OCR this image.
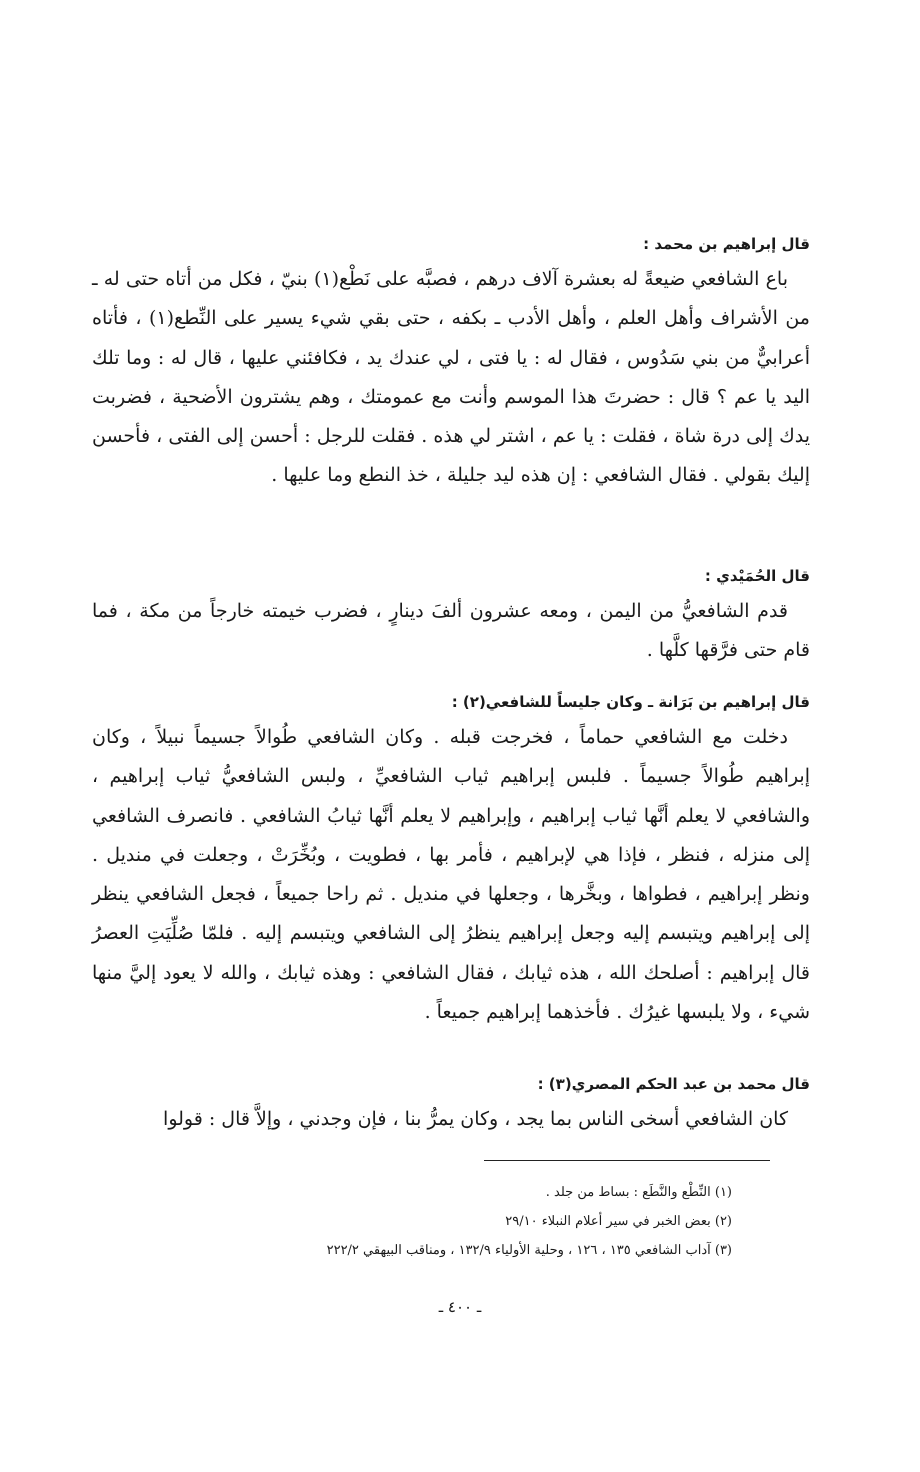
قال إبراهيم بن محمد :

باع الشافعي ضيعةً له بعشرة آلاف درهم ، فصبَّه على نَطْع(١) بنيّ ، فكل من أتاه حتى له ـ من الأشراف وأهل العلم ، وأهل الأدب ـ بكفه ، حتى بقي شيء يسير على النِّطع(١) ، فأتاه أعرابيٌّ من بني سَدُوس ، فقال له : يا فتى ، لي عندك يد ، فكافئني عليها ، قال له : وما تلك اليد يا عم ؟ قال : حضرتَ هذا الموسم وأنت مع عمومتك ، وهم يشترون الأضحية ، فضربت يدك إلى درة شاة ، فقلت : يا عم ، اشتر لي هذه . فقلت للرجل : أحسن إلى الفتى ، فأحسن إليك بقولي . فقال الشافعي : إن هذه ليد جليلة ، خذ النطع وما عليها .

قال الحُمَيْدي :

قدم الشافعيُّ من اليمن ، ومعه عشرون ألفَ دينارٍ ، فضرب خيمته خارجاً من مكة ، فما قام حتى فرَّقها كلَّها .

قال إبراهيم بن بَرَانة ـ وكان جليساً للشافعي(٢) :

دخلت مع الشافعي حماماً ، فخرجت قبله . وكان الشافعي طُوالاً جسيماً نبيلاً ، وكان إبراهيم طُوالاً جسيماً . فلبس إبراهيم ثياب الشافعيِّ ، ولبس الشافعيُّ ثياب إبراهيم ، والشافعي لا يعلم أنَّها ثياب إبراهيم ، وإبراهيم لا يعلم أنَّها ثيابُ الشافعي . فانصرف الشافعي إلى منزله ، فنظر ، فإذا هي لإبراهيم ، فأمر بها ، فطويت ، وبُخِّرَتْ ، وجعلت في منديل . ونظر إبراهيم ، فطواها ، وبخَّرها ، وجعلها في منديل . ثم راحا جميعاً ، فجعل الشافعي ينظر إلى إبراهيم ويتبسم إليه وجعل إبراهيم ينظرُ إلى الشافعي ويتبسم إليه . فلمّا صُلِّيَتِ العصرُ قال إبراهيم : أصلحك الله ، هذه ثيابك ، فقال الشافعي : وهذه ثيابك ، والله لا يعود إليَّ منها شيء ، ولا يلبسها غيرُك . فأخذهما إبراهيم جميعاً .

قال محمد بن عبد الحكم المصري(٣) :

كان الشافعي أسخى الناس بما يجد ، وكان يمرُّ بنا ، فإن وجدني ، وإلاَّ قال : قولوا

(١) النِّطْع والنَّطَع : بساط من جلد .

(٢) بعض الخبر في سير أعلام النبلاء ٢٩/١٠

(٣) آداب الشافعي ١٣٥ ، ١٢٦ ، وحلية الأولياء ١٣٢/٩ ، ومناقب البيهقي ٢٢٢/٢

ـ ٤٠٠ ـ
